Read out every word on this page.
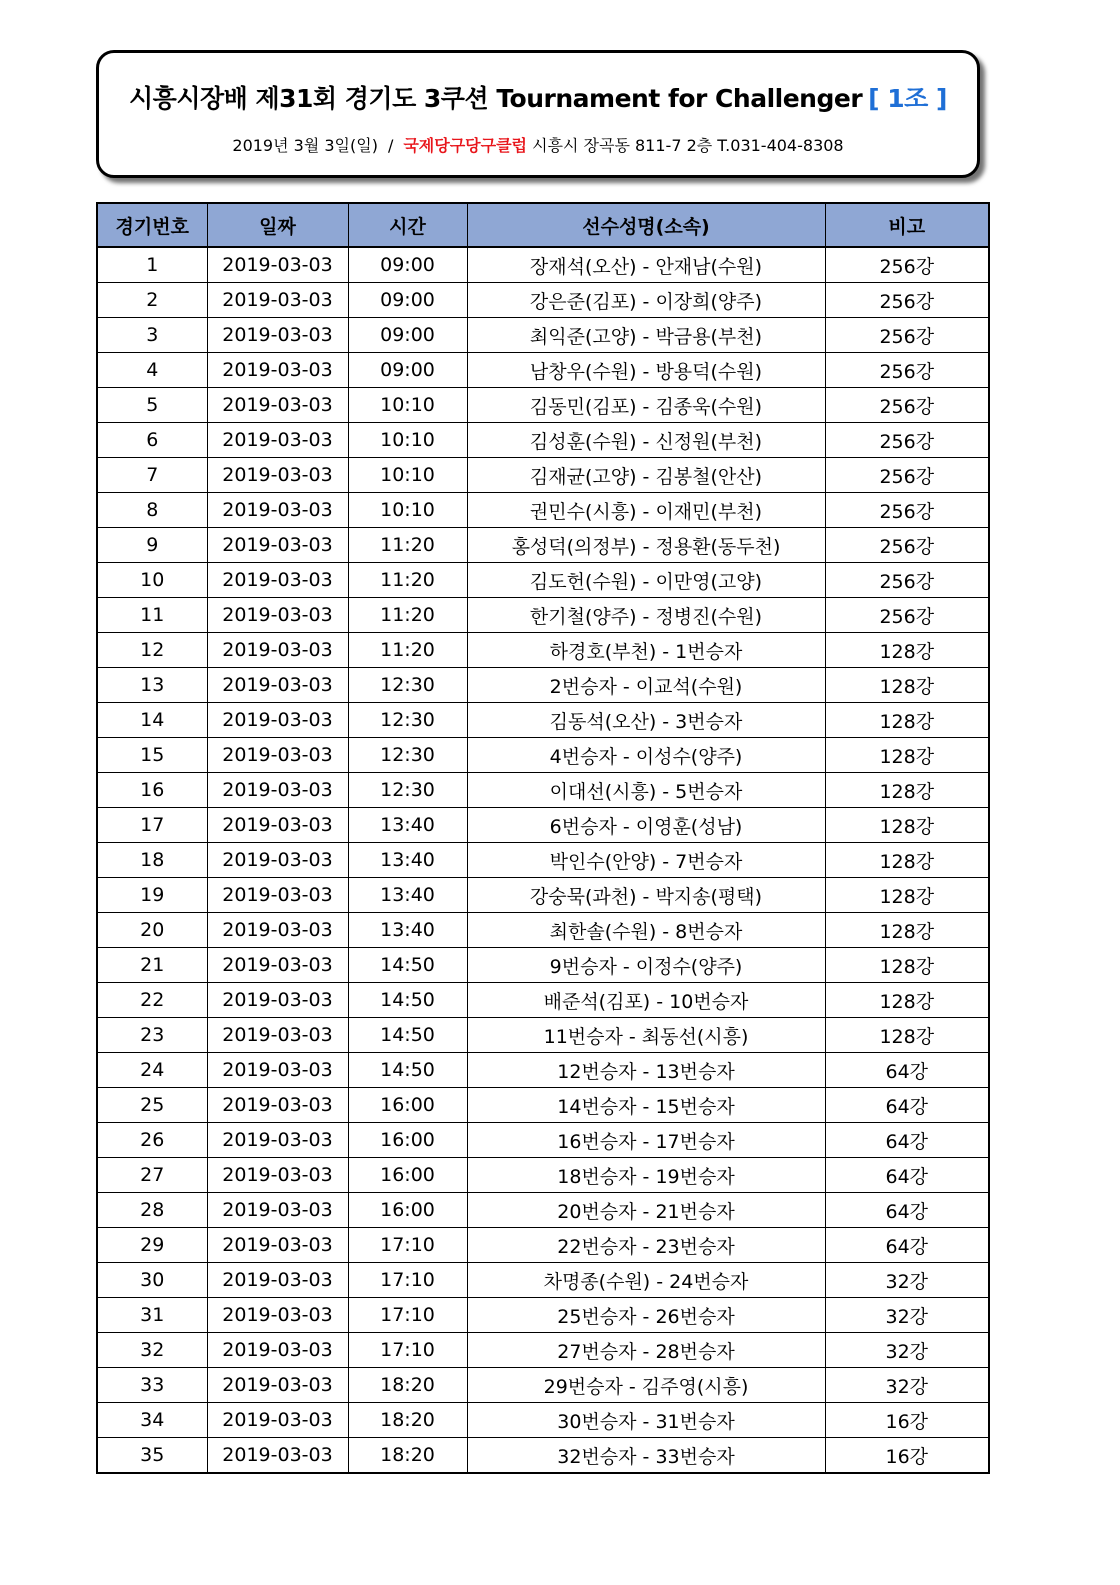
시흥시장배 제31회 경기도 3쿠션 Tournament for Challenger [ 1조 ]
2019년 3월 3일(일) / 국제당구당구클럽 시흥시 장곡동 811-7 2층 T.031-404-8308
경기번호	일짜	시간	선수성명(소속)	비고
1	2019-03-03	09:00	장재석(오산) - 안재남(수원)	256강
2	2019-03-03	09:00	강은준(김포) - 이장희(양주)	256강
3	2019-03-03	09:00	최익준(고양) - 박금용(부천)	256강
4	2019-03-03	09:00	남창우(수원) - 방용덕(수원)	256강
5	2019-03-03	10:10	김동민(김포) - 김종욱(수원)	256강
6	2019-03-03	10:10	김성훈(수원) - 신정원(부천)	256강
7	2019-03-03	10:10	김재균(고양) - 김봉철(안산)	256강
8	2019-03-03	10:10	권민수(시흥) - 이재민(부천)	256강
9	2019-03-03	11:20	홍성덕(의정부) - 정용환(동두천)	256강
10	2019-03-03	11:20	김도헌(수원) - 이만영(고양)	256강
11	2019-03-03	11:20	한기철(양주) - 정병진(수원)	256강
12	2019-03-03	11:20	하경호(부천) - 1번승자	128강
13	2019-03-03	12:30	2번승자 - 이교석(수원)	128강
14	2019-03-03	12:30	김동석(오산) - 3번승자	128강
15	2019-03-03	12:30	4번승자 - 이성수(양주)	128강
16	2019-03-03	12:30	이대선(시흥) - 5번승자	128강
17	2019-03-03	13:40	6번승자 - 이영훈(성남)	128강
18	2019-03-03	13:40	박인수(안양) - 7번승자	128강
19	2019-03-03	13:40	강숭묵(과천) - 박지송(평택)	128강
20	2019-03-03	13:40	최한솔(수원) - 8번승자	128강
21	2019-03-03	14:50	9번승자 - 이정수(양주)	128강
22	2019-03-03	14:50	배준석(김포) - 10번승자	128강
23	2019-03-03	14:50	11번승자 - 최동선(시흥)	128강
24	2019-03-03	14:50	12번승자 - 13번승자	64강
25	2019-03-03	16:00	14번승자 - 15번승자	64강
26	2019-03-03	16:00	16번승자 - 17번승자	64강
27	2019-03-03	16:00	18번승자 - 19번승자	64강
28	2019-03-03	16:00	20번승자 - 21번승자	64강
29	2019-03-03	17:10	22번승자 - 23번승자	64강
30	2019-03-03	17:10	차명종(수원) - 24번승자	32강
31	2019-03-03	17:10	25번승자 - 26번승자	32강
32	2019-03-03	17:10	27번승자 - 28번승자	32강
33	2019-03-03	18:20	29번승자 - 김주영(시흥)	32강
34	2019-03-03	18:20	30번승자 - 31번승자	16강
35	2019-03-03	18:20	32번승자 - 33번승자	16강
